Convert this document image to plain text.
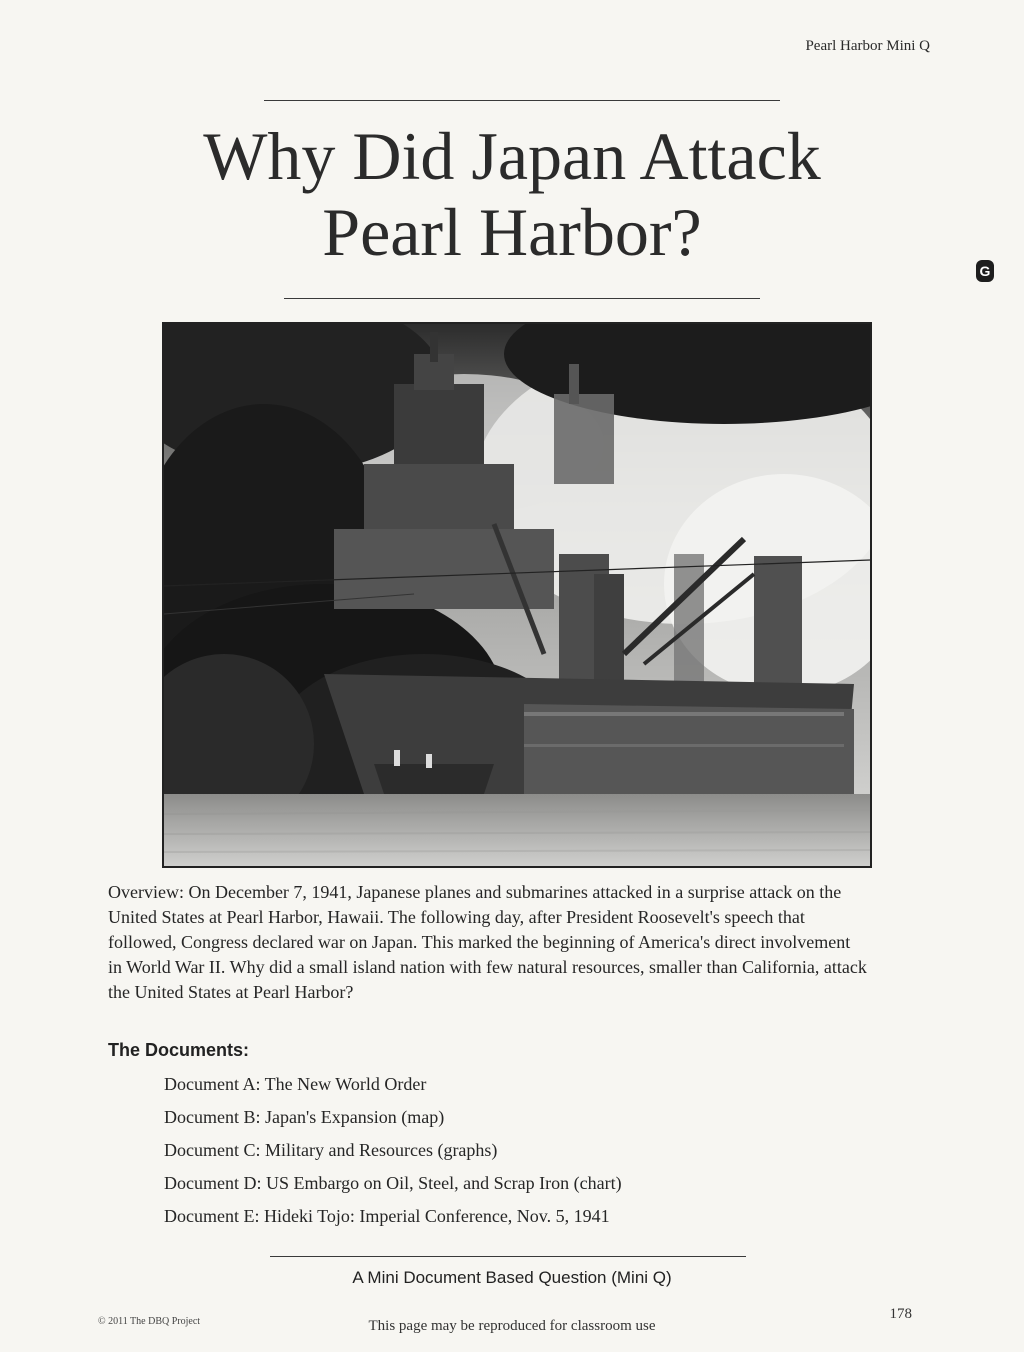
Pearl Harbor Mini Q
Why Did Japan Attack
Pearl Harbor?
G

Overview: On December 7, 1941, Japanese planes and submarines attacked in a surprise attack on the United States at Pearl Harbor, Hawaii. The following day, after President Roosevelt's speech that followed, Congress declared war on Japan. This marked the beginning of America's direct involvement in World War II. Why did a small island nation with few natural resources, smaller than California, attack the United States at Pearl Harbor?

The Documents:
Document A: The New World Order
Document B: Japan's Expansion (map)
Document C: Military and Resources (graphs)
Document D: US Embargo on Oil, Steel, and Scrap Iron (chart)
Document E: Hideki Tojo: Imperial Conference, Nov. 5, 1941

A Mini Document Based Question (Mini Q)

© 2011 The DBQ Project	This page may be reproduced for classroom use
178
